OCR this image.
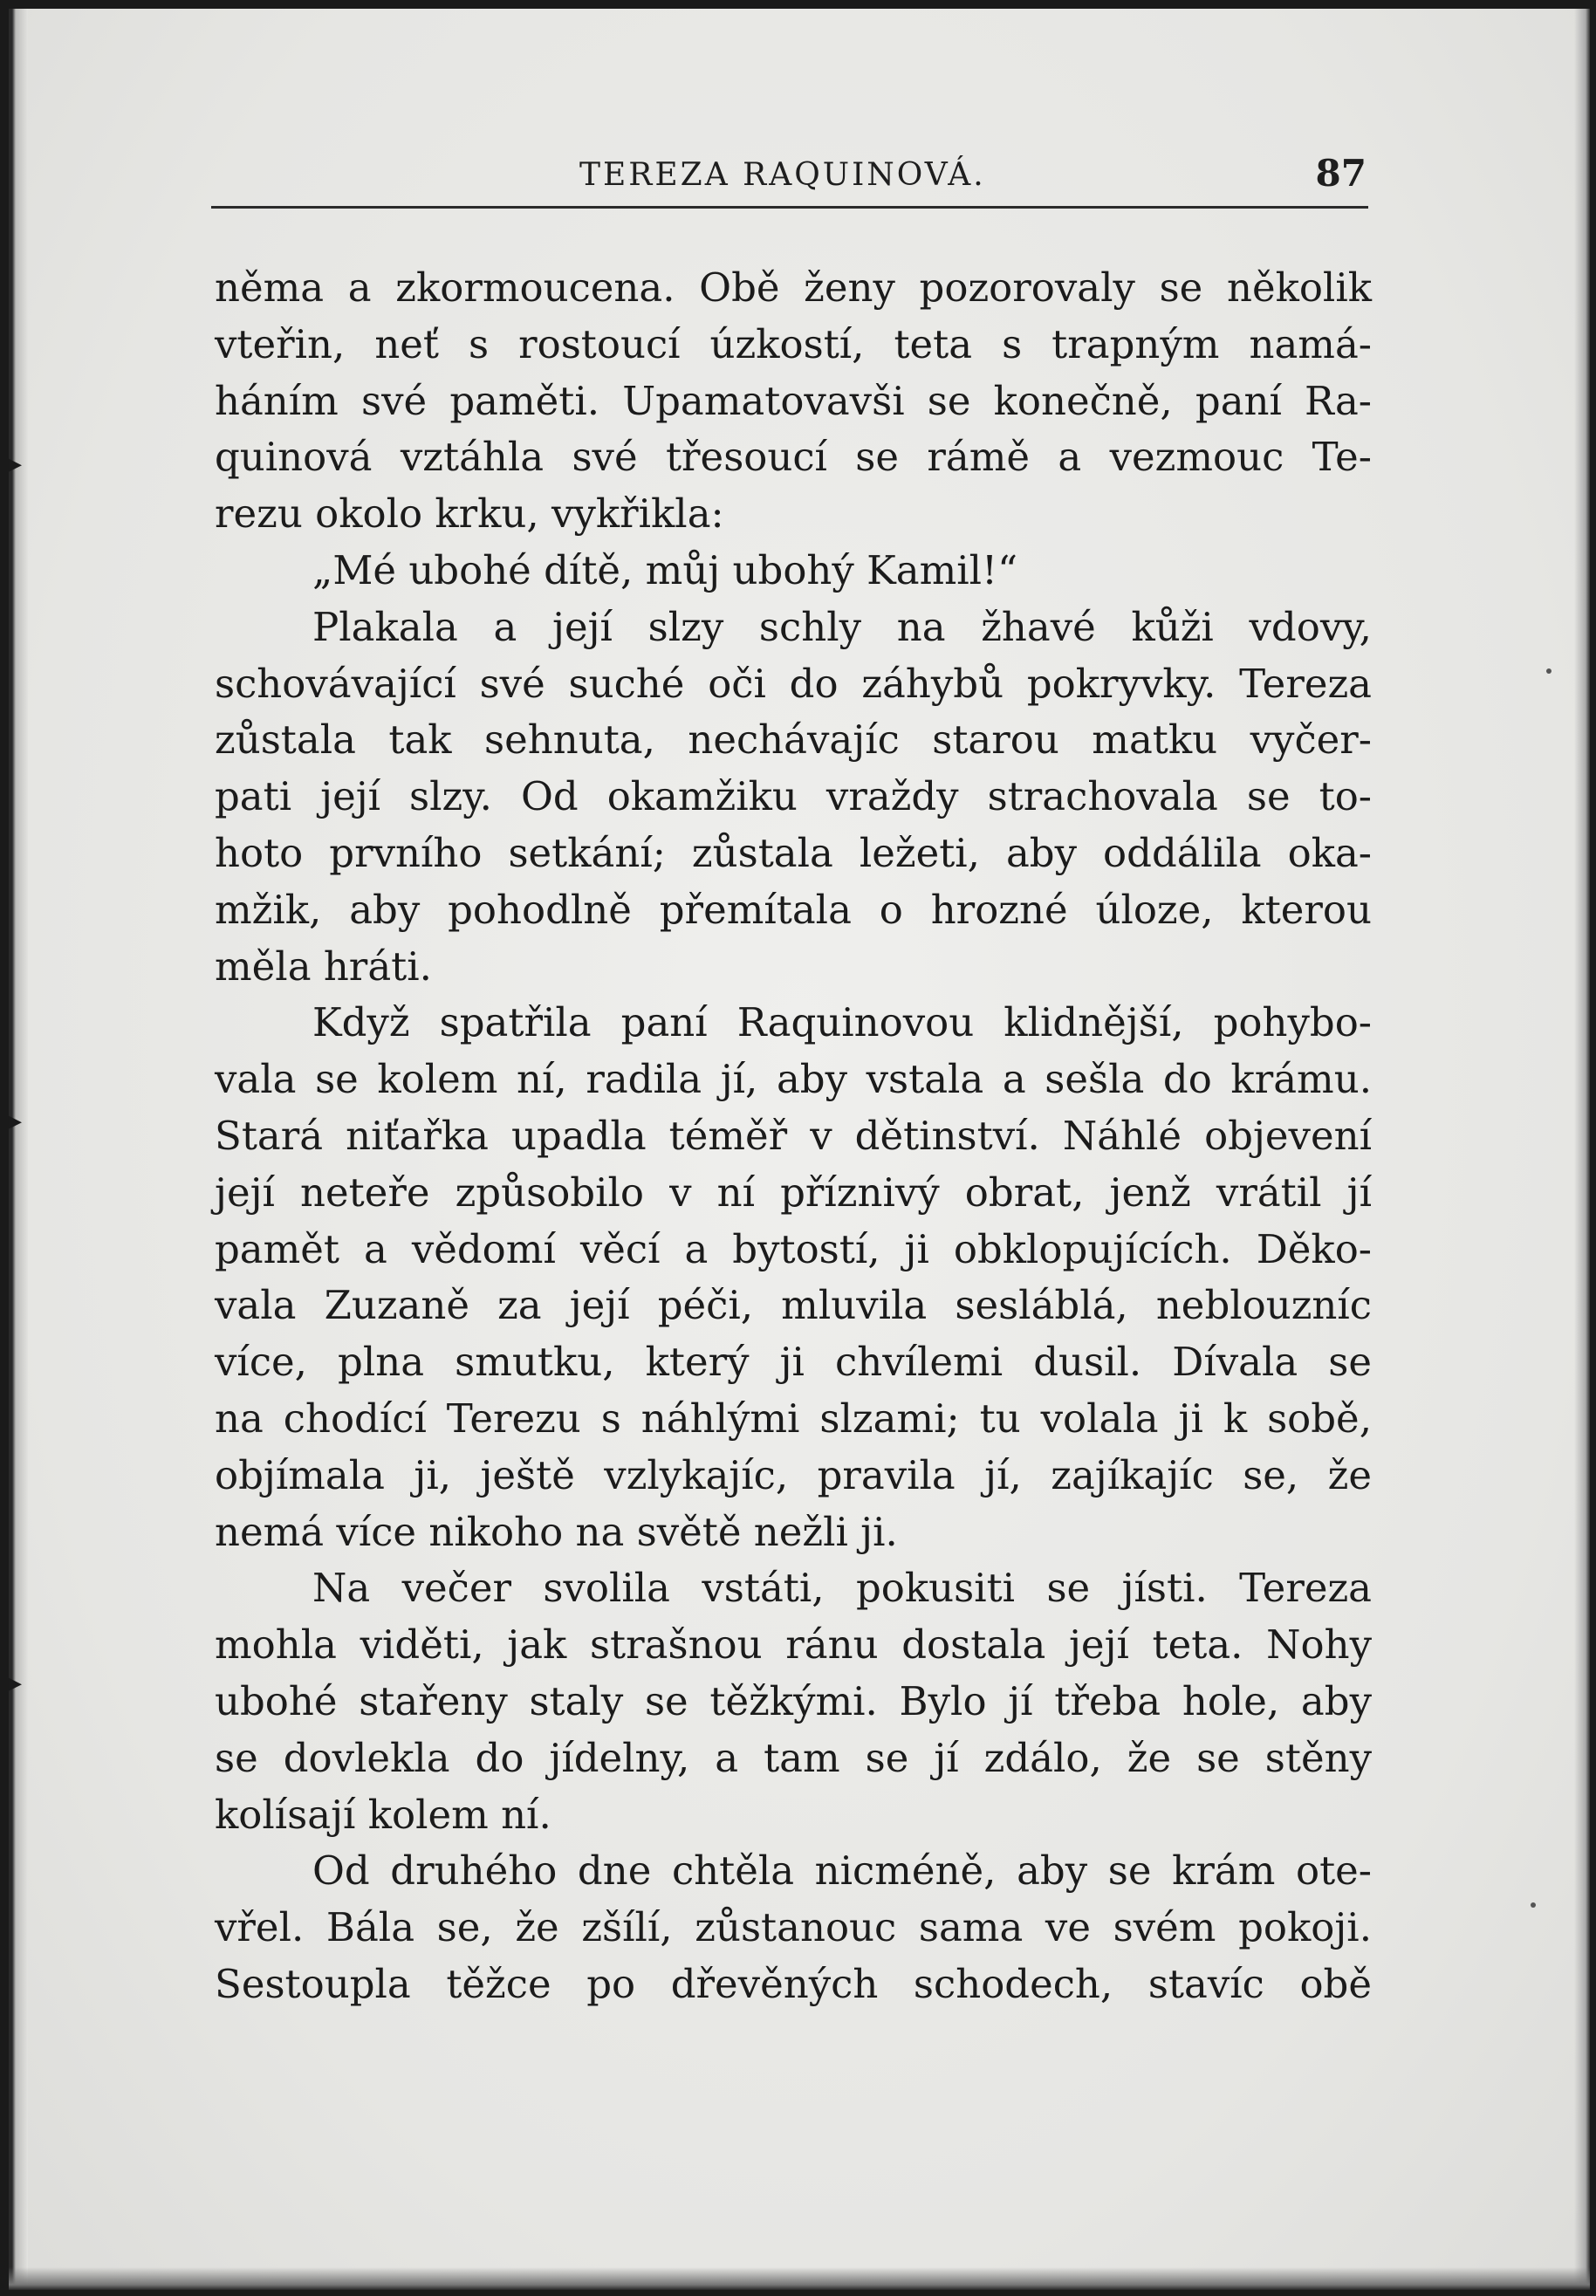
▸
▸
▸
TEREZA RAQUINOVÁ.	87
něma a zkormoucena. Obě ženy pozorovaly se několik
vteřin, neť s rostoucí úzkostí, teta s trapným namá-
háním své paměti. Upamatovavši se konečně, paní Ra-
quinová vztáhla své třesoucí se rámě a vezmouc Te-
rezu okolo krku, vykřikla:
„Mé ubohé dítě, můj ubohý Kamil!“
Plakala a její slzy schly na žhavé kůži vdovy,
schovávající své suché oči do záhybů pokryvky. Tereza
zůstala tak sehnuta, nechávajíc starou matku vyčer-
pati její slzy. Od okamžiku vraždy strachovala se to-
hoto prvního setkání; zůstala ležeti, aby oddálila oka-
mžik, aby pohodlně přemítala o hrozné úloze, kterou
měla hráti.
Když spatřila paní Raquinovou klidnější, pohybo-
vala se kolem ní, radila jí, aby vstala a sešla do krámu.
Stará niťařka upadla téměř v dětinství. Náhlé objevení
její neteře způsobilo v ní příznivý obrat, jenž vrátil jí
pamět a vědomí věcí a bytostí, ji obklopujících. Děko-
vala Zuzaně za její péči, mluvila sesláblá, neblouzníc
více, plna smutku, který ji chvílemi dusil. Dívala se
na chodící Terezu s náhlými slzami; tu volala ji k sobě,
objímala ji, ještě vzlykajíc, pravila jí, zajíkajíc se, že
nemá více nikoho na světě nežli ji.
Na večer svolila vstáti, pokusiti se jísti. Tereza
mohla viděti, jak strašnou ránu dostala její teta. Nohy
ubohé stařeny staly se těžkými. Bylo jí třeba hole, aby
se dovlekla do jídelny, a tam se jí zdálo, že se stěny
kolísají kolem ní.
Od druhého dne chtěla nicméně, aby se krám ote-
vřel. Bála se, že zšílí, zůstanouc sama ve svém pokoji.
Sestoupla těžce po dřevěných schodech, stavíc obě
